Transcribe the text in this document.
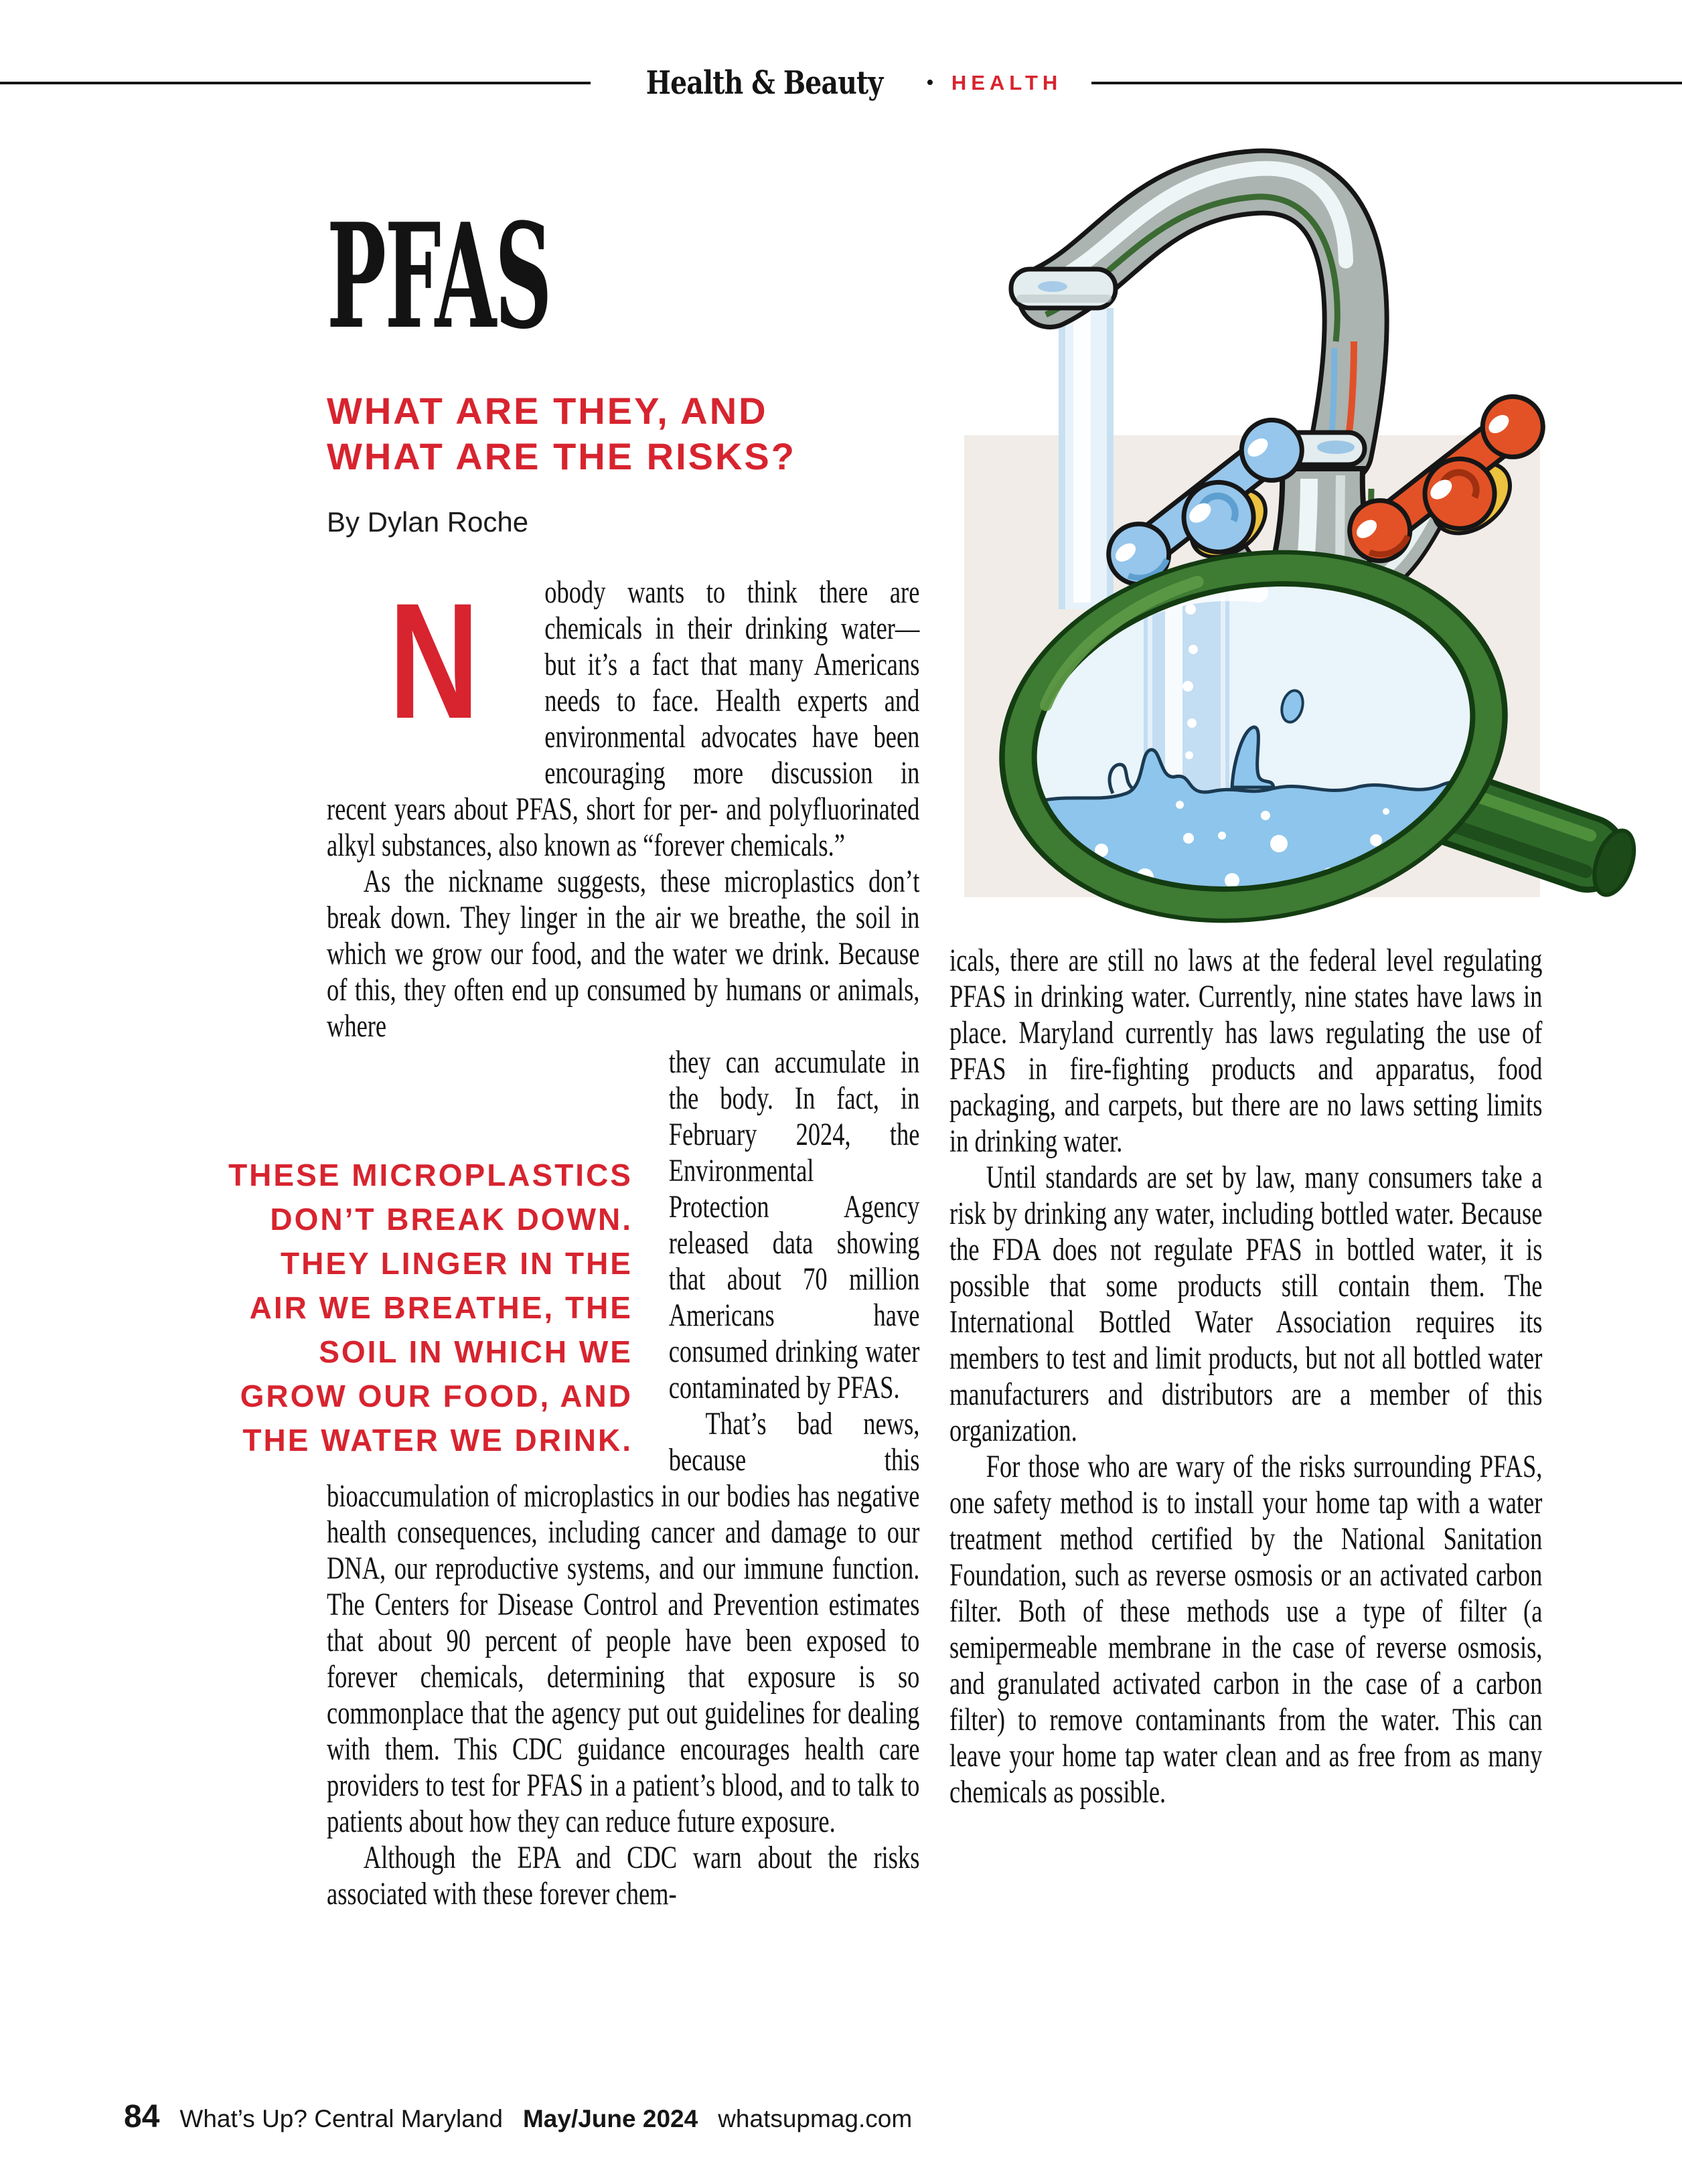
Health & Beauty • HEALTH
PFAS
WHAT ARE THEY, AND
WHAT ARE THE RISKS?
By Dylan Roche
THESE MICROPLASTICS
DON’T BREAK DOWN.
THEY LINGER IN THE
AIR WE BREATHE, THE
SOIL IN WHICH WE
GROW OUR FOOD, AND
THE WATER WE DRINK.

N	obody wants to think there are chemicals in their drinking water—but it’s a fact that many Americans needs to face. Health experts and environmental advocates have been encouraging more discussion in recent years about PFAS, short for per- and polyfluorinated alkyl substances, also known as “forever chemicals.”

As the nickname suggests, these microplastics don’t break down. They linger in the air we breathe, the soil in which we grow our food, and the water we drink. Because of this, they often end up consumed by humans or animals, where

they can accumulate in the body. In fact, in February 2024, the Environmental Protection Agency released data showing that about 70 million Americans have consumed drinking water contaminated by PFAS.

That’s bad news, because this bioaccumulation of microplastics in our bodies has negative health consequences, including cancer and damage to our DNA, our reproductive systems, and our immune function. The Centers for Disease Control and Prevention estimates that about 90 percent of people have been exposed to forever chemicals, determining that exposure is so commonplace that the agency put out guidelines for dealing with them. This CDC guidance encourages health care providers to test for PFAS in a patient’s blood, and to talk to patients about how they can reduce future exposure.

Although the EPA and CDC warn about the risks associated with these forever chem-

icals, there are still no laws at the federal level regulating PFAS in drinking water. Currently, nine states have laws in place. Maryland currently has laws regulating the use of PFAS in fire-fighting products and apparatus, food packaging, and carpets, but there are no laws setting limits in drinking water.

Until standards are set by law, many consumers take a risk by drinking any water, including bottled water. Because the FDA does not regulate PFAS in bottled water, it is possible that some products still contain them. The International Bottled Water Association requires its members to test and limit products, but not all bottled water manufacturers and distributors are a member of this organization.

For those who are wary of the risks surrounding PFAS, one safety method is to install your home tap with a water treatment method certified by the National Sanitation Foundation, such as reverse osmosis or an activated carbon filter. Both of these methods use a type of filter (a semipermeable membrane in the case of reverse osmosis, and granulated activated carbon in the case of a carbon filter) to remove contaminants from the water. This can leave your home tap water clean and as free from as many chemicals as possible.

84 What’s Up? Central Maryland May/June 2024 whatsupmag.com
